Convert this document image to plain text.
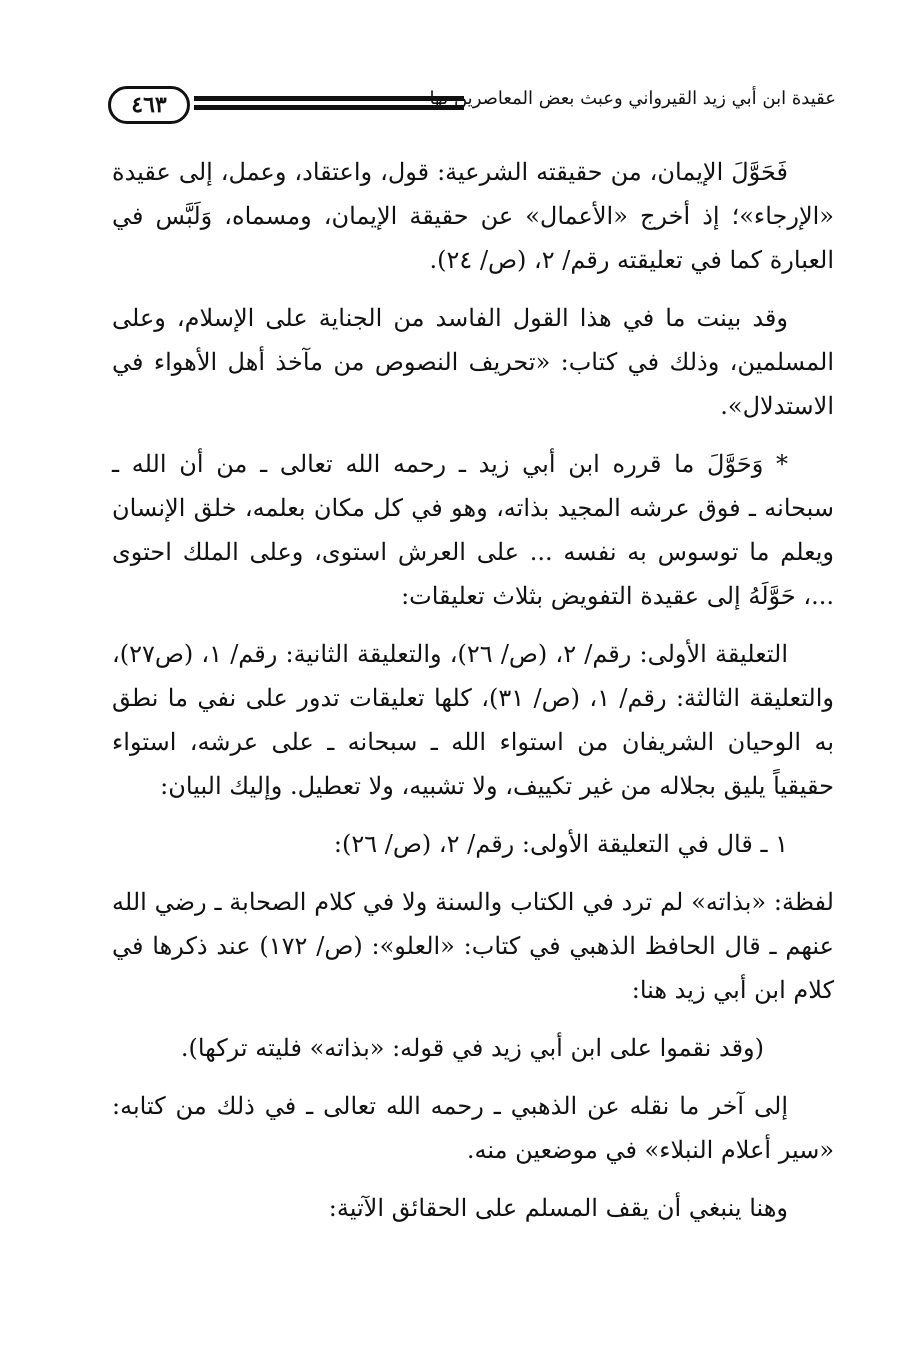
٤٦٣	عقيدة ابن أبي زيد القيرواني وعبث بعض المعاصرين بها

فَحَوَّلَ الإيمان، من حقيقته الشرعية: قول، واعتقاد، وعمل، إلى عقيدة «الإرجاء»؛ إذ أخرج «الأعمال» عن حقيقة الإيمان، ومسماه، وَلَبَّس في العبارة كما في تعليقته رقم/ ٢، (ص/ ٢٤).

وقد بينت ما في هذا القول الفاسد من الجناية على الإسلام، وعلى المسلمين، وذلك في كتاب: «تحريف النصوص من مآخذ أهل الأهواء في الاستدلال».

* وَحَوَّلَ ما قرره ابن أبي زيد ـ رحمه الله تعالى ـ من أن الله ـ سبحانه ـ فوق عرشه المجيد بذاته، وهو في كل مكان بعلمه، خلق الإنسان ويعلم ما توسوس به نفسه ... على العرش استوى، وعلى الملك احتوى ...، حَوَّلَهُ إلى عقيدة التفويض بثلاث تعليقات:

التعليقة الأولى: رقم/ ٢، (ص/ ٢٦)، والتعليقة الثانية: رقم/ ١، (ص٢٧)، والتعليقة الثالثة: رقم/ ١، (ص/ ٣١)، كلها تعليقات تدور على نفي ما نطق به الوحيان الشريفان من استواء الله ـ سبحانه ـ على عرشه، استواء حقيقياً يليق بجلاله من غير تكييف، ولا تشبيه، ولا تعطيل. وإليك البيان:

١ ـ قال في التعليقة الأولى: رقم/ ٢، (ص/ ٢٦):

لفظة: «بذاته» لم ترد في الكتاب والسنة ولا في كلام الصحابة ـ رضي الله عنهم ـ قال الحافظ الذهبي في كتاب: «العلو»: (ص/ ١٧٢) عند ذكرها في كلام ابن أبي زيد هنا:

(وقد نقموا على ابن أبي زيد في قوله: «بذاته» فليته تركها).

إلى آخر ما نقله عن الذهبي ـ رحمه الله تعالى ـ في ذلك من كتابه: «سير أعلام النبلاء» في موضعين منه.

وهنا ينبغي أن يقف المسلم على الحقائق الآتية:
